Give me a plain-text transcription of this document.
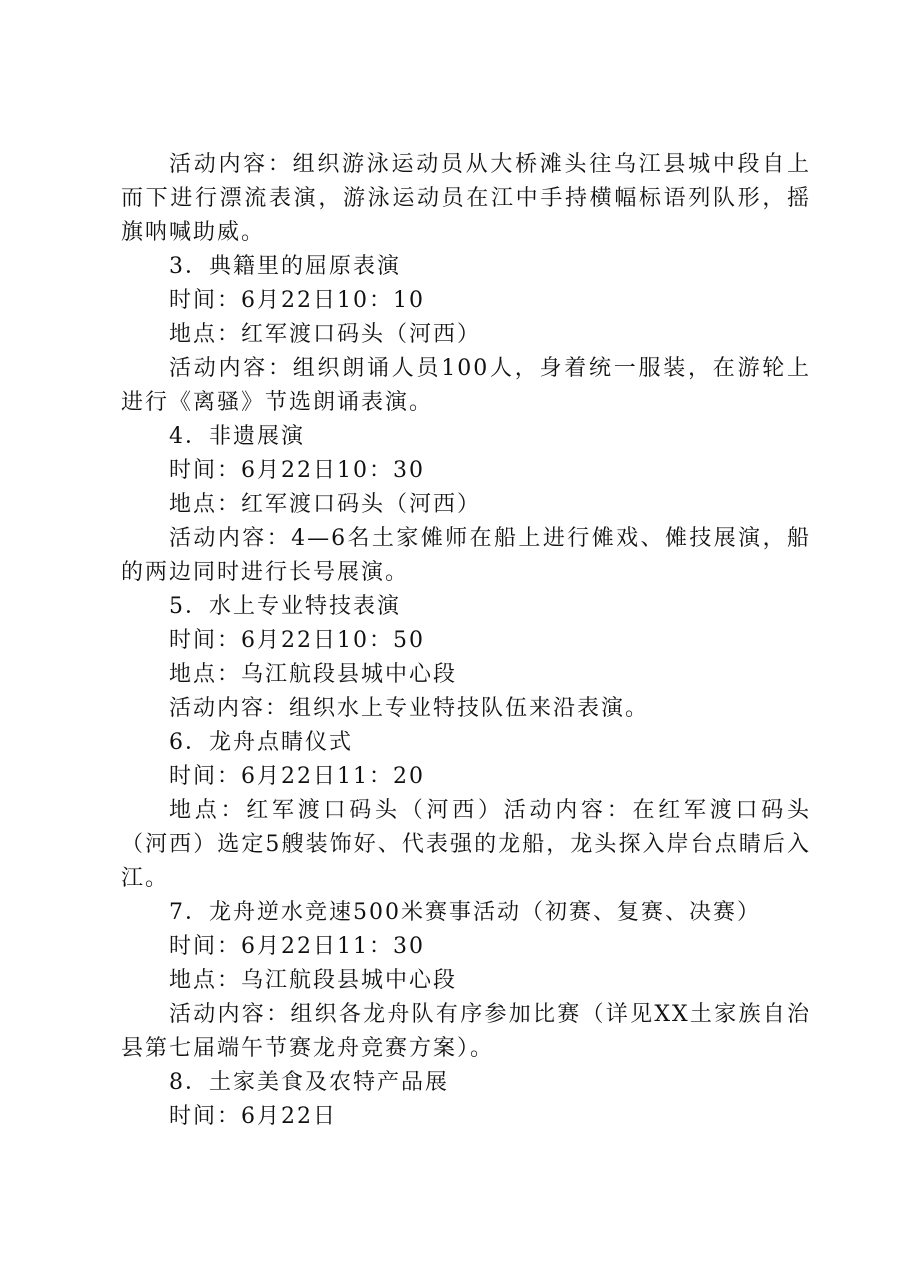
活动内容：组织游泳运动员从大桥滩头往乌江县城中段自上而下进行漂流表演，游泳运动员在江中手持横幅标语列队形，摇旗呐喊助威。

3．典籍里的屈原表演

时间：6月22日10：10

地点：红军渡口码头（河西）

活动内容：组织朗诵人员100人，身着统一服装，在游轮上进行《离骚》节选朗诵表演。

4．非遗展演

时间：6月22日10：30

地点：红军渡口码头（河西）

活动内容：4—6名土家傩师在船上进行傩戏、傩技展演，船的两边同时进行长号展演。

5．水上专业特技表演

时间：6月22日10：50

地点：乌江航段县城中心段

活动内容：组织水上专业特技队伍来沿表演。

6．龙舟点睛仪式

时间：6月22日11：20

地点：红军渡口码头（河西）活动内容：在红军渡口码头（河西）选定5艘装饰好、代表强的龙船，龙头探入岸台点睛后入江。

7．龙舟逆水竞速500米赛事活动（初赛、复赛、决赛）

时间：6月22日11：30

地点：乌江航段县城中心段

活动内容：组织各龙舟队有序参加比赛（详见XX土家族自治县第七届端午节赛龙舟竞赛方案）。

8．土家美食及农特产品展

时间：6月22日
